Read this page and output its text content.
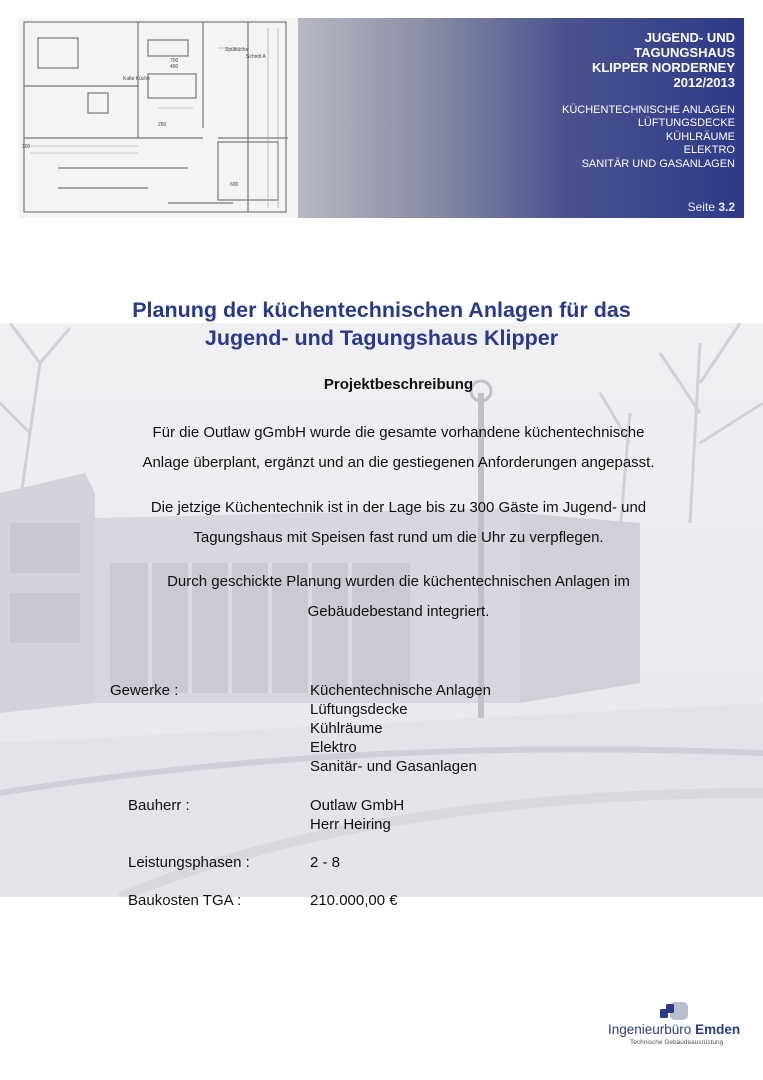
Spülküche
Kalte Küche
700
400
Schnitt A
300
250
600
JUGEND- UND
TAGUNGSHAUS
KLIPPER NORDERNEY
2012/2013
KÜCHENTECHNISCHE ANLAGEN
LÜFTUNGSDECKE
KÜHLRÄUME
ELEKTRO
SANITÄR UND GASANLAGEN
Seite 3.2
Planung der küchentechnischen Anlagen für das
Jugend- und Tagungshaus Klipper
Projektbeschreibung
Für die Outlaw gGmbH wurde die gesamte vorhandene küchentechnische
Anlage überplant, ergänzt und an die gestiegenen Anforderungen angepasst.
Die jetzige Küchentechnik ist in der Lage bis zu 300 Gäste im Jugend- und
Tagungshaus mit Speisen fast rund um die Uhr zu verpflegen.
Durch geschickte Planung wurden die küchentechnischen Anlagen im
Gebäudebestand integriert.
Gewerke :	Küchentechnische Anlagen
Lüftungsdecke
Kühlräume
Elektro
Sanitär- und Gasanlagen
Bauherr :	Outlaw GmbH
Herr Heiring
Leistungsphasen :	2 - 8
Baukosten TGA :	210.000,00 €
Ingenieurbüro Emden
Technische Gebäudeausrüstung
